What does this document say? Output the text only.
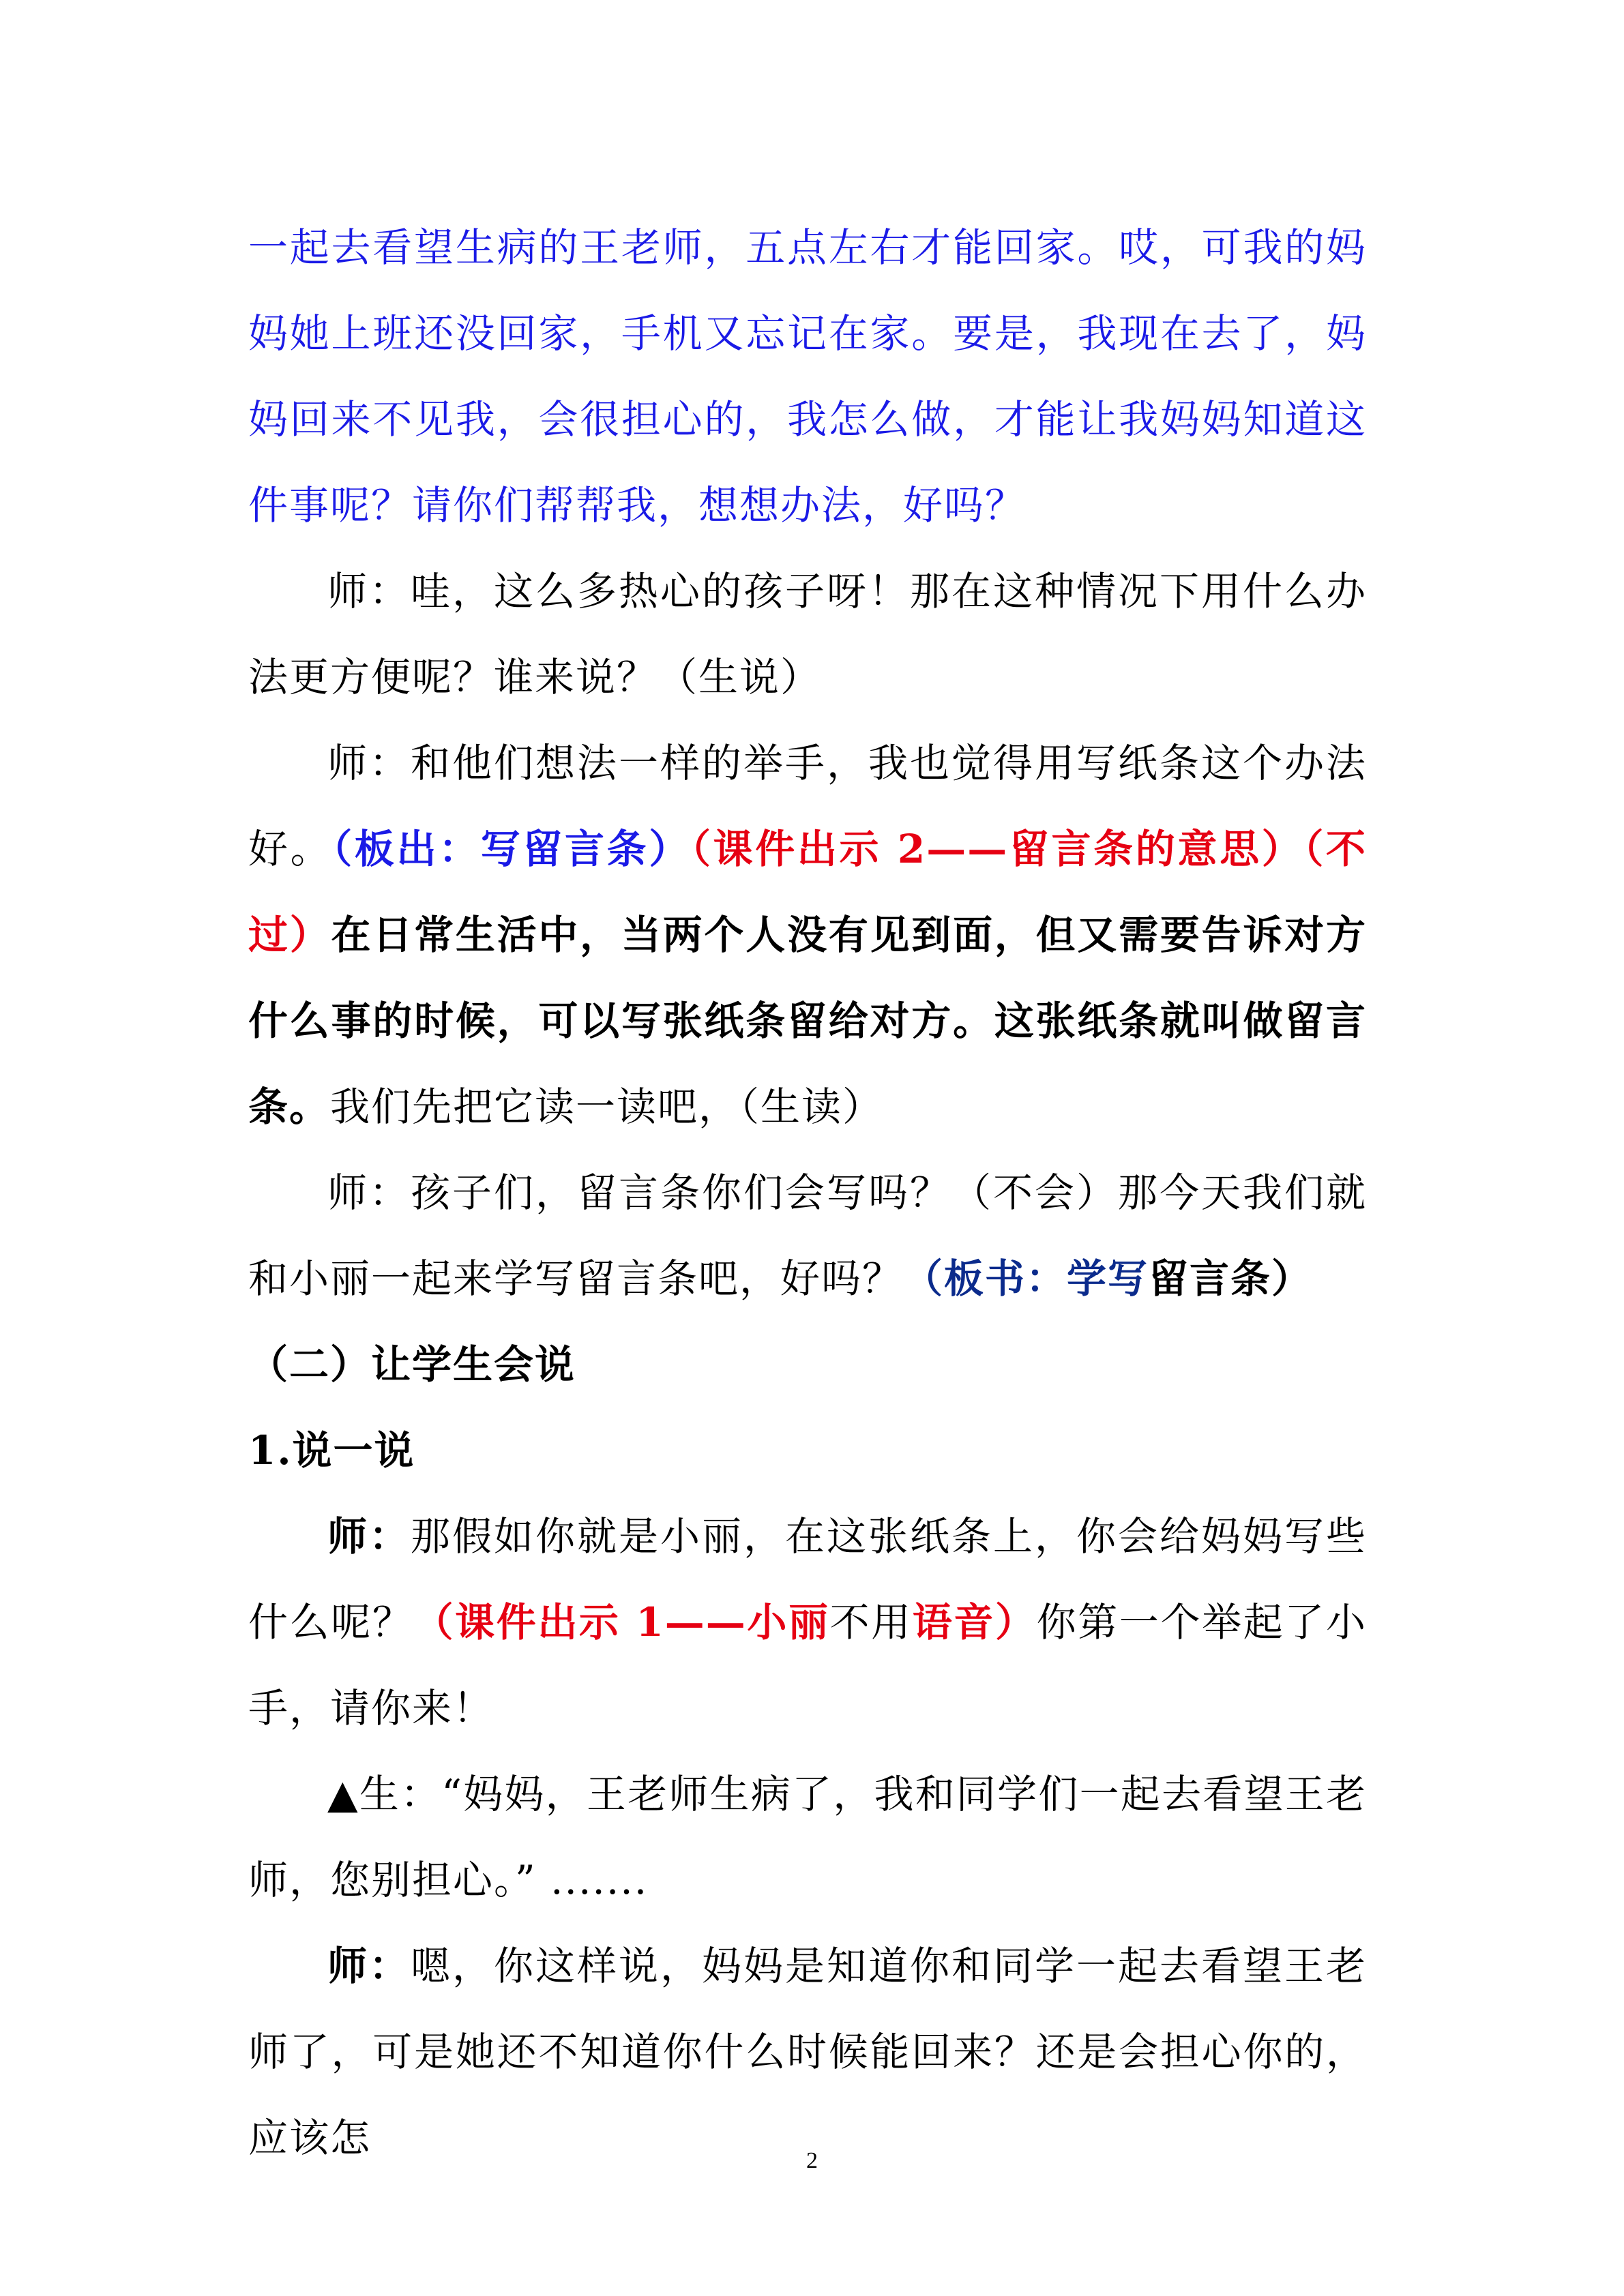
一起去看望生病的王老师，五点左右才能回家。哎，可我的妈妈她上班还没回家，手机又忘记在家。要是，我现在去了，妈妈回来不见我，会很担心的，我怎么做，才能让我妈妈知道这件事呢？请你们帮帮我，想想办法，好吗？

师：哇，这么多热心的孩子呀！那在这种情况下用什么办法更方便呢？谁来说？（生说）

师：和他们想法一样的举手，我也觉得用写纸条这个办法好。（板出：写留言条）（课件出示 2——留言条的意思）（不过）在日常生活中，当两个人没有见到面，但又需要告诉对方什么事的时候，可以写张纸条留给对方。这张纸条就叫做留言条。我们先把它读一读吧，（生读）

师：孩子们，留言条你们会写吗？（不会）那今天我们就和小丽一起来学写留言条吧，好吗？（板书：学写留言条）

（二）让学生会说

1.说一说

师：那假如你就是小丽，在这张纸条上，你会给妈妈写些什么呢？（课件出示 1——小丽不用语音）你第一个举起了小手，请你来！

▲生：“妈妈，王老师生病了，我和同学们一起去看望王老师，您别担心。” .......

师：嗯，你这样说，妈妈是知道你和同学一起去看望王老师了，可是她还不知道你什么时候能回来？还是会担心你的，应该怎	2
